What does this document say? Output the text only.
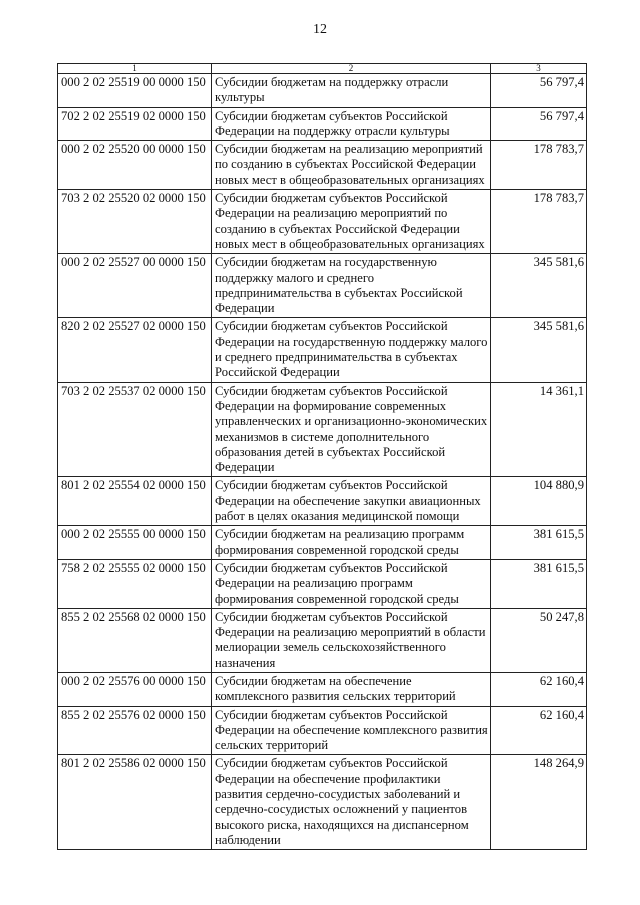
12
1	2	3
000 2 02 25519 00 0000 150	Субсидии бюджетам на поддержку отрасли культуры	56 797,4
702 2 02 25519 02 0000 150	Субсидии бюджетам субъектов Российской Федерации на поддержку отрасли культуры	56 797,4
000 2 02 25520 00 0000 150	Субсидии бюджетам на реализацию мероприятий по созданию в субъектах Российской Федерации новых мест в общеобразовательных организациях	178 783,7
703 2 02 25520 02 0000 150	Субсидии бюджетам субъектов Российской Федерации на реализацию мероприятий по созданию в субъектах Российской Федерации новых мест в общеобразовательных организациях	178 783,7
000 2 02 25527 00 0000 150	Субсидии бюджетам на государственную поддержку малого и среднего предпринимательства в субъектах Российской Федерации	345 581,6
820 2 02 25527 02 0000 150	Субсидии бюджетам субъектов Российской Федерации на государственную поддержку малого и среднего предпринимательства в субъектах Российской Федерации	345 581,6
703 2 02 25537 02 0000 150	Субсидии бюджетам субъектов Российской Федерации на формирование современных управленческих и организационно-экономических механизмов в системе дополнительного образования детей в субъектах Российской Федерации	14 361,1
801 2 02 25554 02 0000 150	Субсидии бюджетам субъектов Российской Федерации на обеспечение закупки авиационных работ в целях оказания медицинской помощи	104 880,9
000 2 02 25555 00 0000 150	Субсидии бюджетам на реализацию программ формирования современной городской среды	381 615,5
758 2 02 25555 02 0000 150	Субсидии бюджетам субъектов Российской Федерации на реализацию программ формирования современной городской среды	381 615,5
855 2 02 25568 02 0000 150	Субсидии бюджетам субъектов Российской Федерации на реализацию мероприятий в области мелиорации земель сельскохозяйственного назначения	50 247,8
000 2 02 25576 00 0000 150	Субсидии бюджетам на обеспечение комплексного развития сельских территорий	62 160,4
855 2 02 25576 02 0000 150	Субсидии бюджетам субъектов Российской Федерации на обеспечение комплексного развития сельских территорий	62 160,4
801 2 02 25586 02 0000 150	Субсидии бюджетам субъектов Российской Федерации на обеспечение профилактики развития сердечно-сосудистых заболеваний и сердечно-сосудистых осложнений у пациентов высокого риска, находящихся на диспансерном наблюдении	148 264,9
